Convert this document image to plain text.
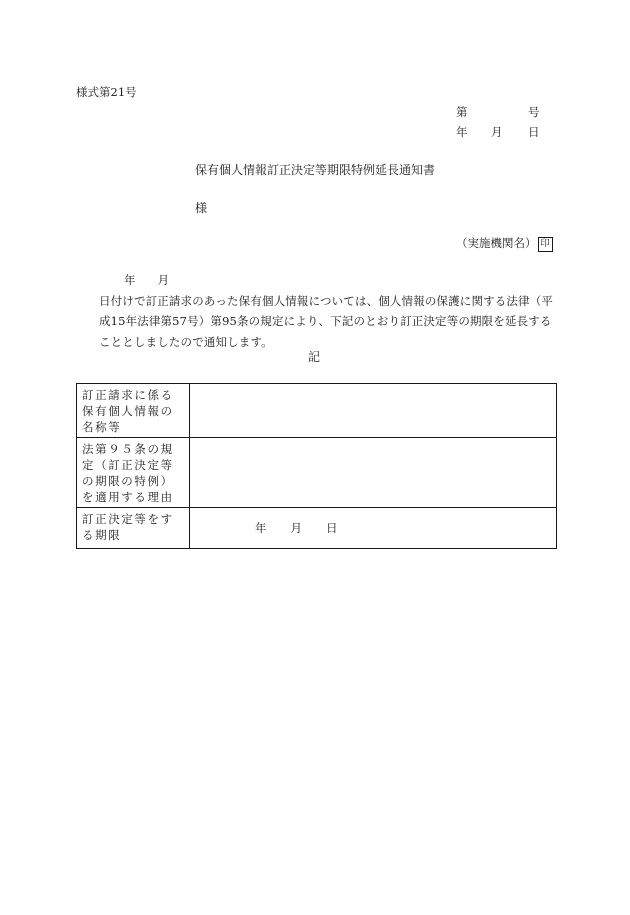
様式第21号
第	号
年 月 日
保有個人情報訂正決定等期限特例延長通知書
様
（実施機関名） 印
年 月日付けで訂正請求のあった保有個人情報については、個人情報の保護に関する法律（平成15年法律第57号）第95条の規定により、下記のとおり訂正決定等の期限を延長することとしましたので通知します。
記
訂正請求に係る保有個人情報の名称等	
法第９５条の規定（訂正決定等の期限の特例）を適用する理由	
訂正決定等をする期限	年 月 日
